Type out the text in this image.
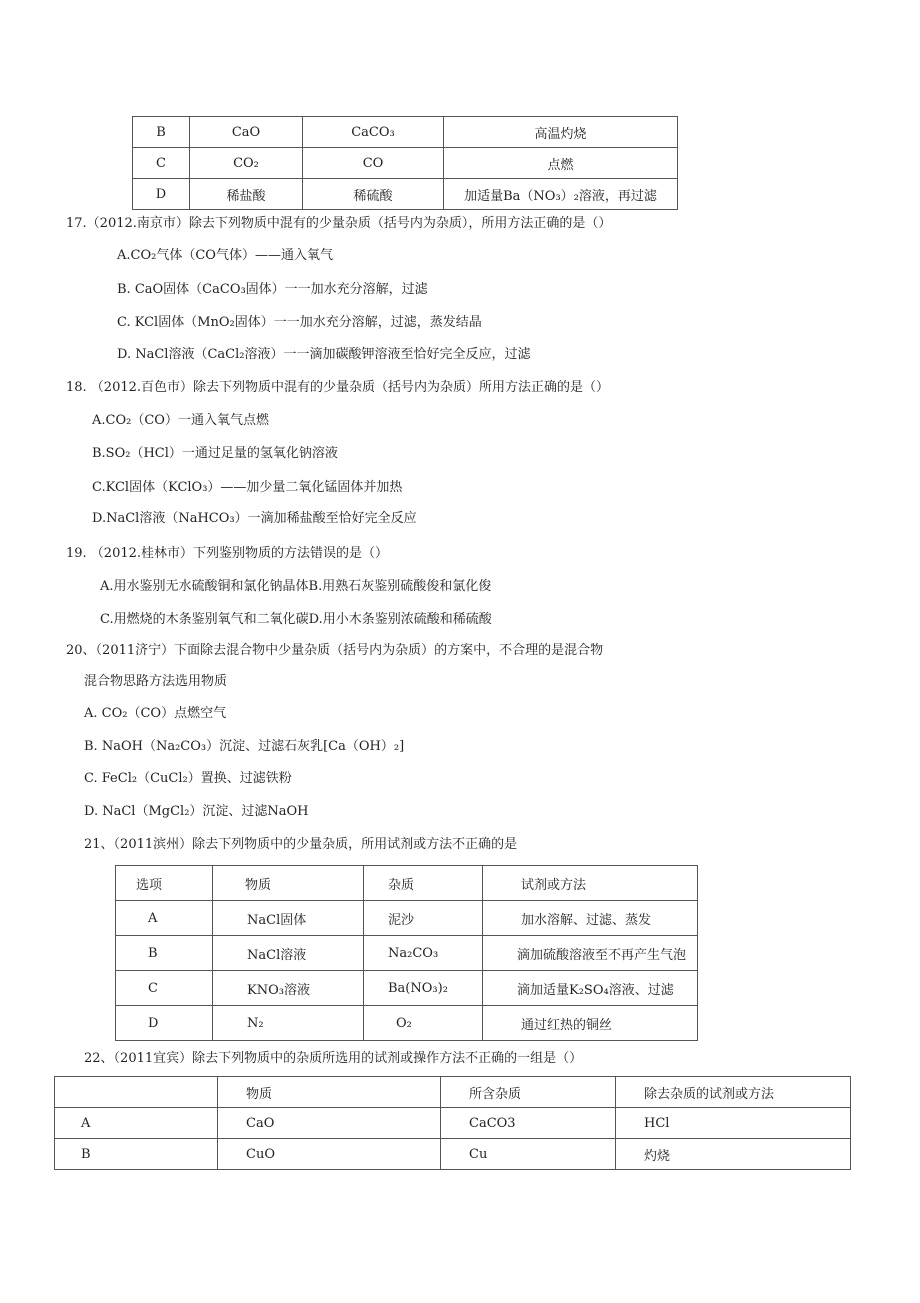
B	CaO	CaCO₃	高温灼烧
C	CO₂	CO	点燃
D	稀盐酸	稀硫酸	加适量Ba（NO₃）₂溶液，再过滤
17.（2012.南京市）除去下列物质中混有的少量杂质（括号内为杂质），所用方法正确的是（）
A.CO₂气体（CO气体）——通入氧气
B. CaO固体（CaCO₃固体）一一加水充分溶解，过滤
C. KCl固体（MnO₂固体）一一加水充分溶解，过滤，蒸发结晶
D. NaCl溶液（CaCl₂溶液）一一滴加碳酸钾溶液至恰好完全反应，过滤
18. （2012.百色市）除去下列物质中混有的少量杂质（括号内为杂质）所用方法正确的是（）
A.CO₂（CO）一通入氧气点燃
B.SO₂（HCl）一通过足量的氢氧化钠溶液
C.KCl固体（KClO₃）——加少量二氧化锰固体并加热
D.NaCl溶液（NaHCO₃）一滴加稀盐酸至恰好完全反应
19. （2012.桂林市）下列鉴别物质的方法错误的是（）
A.用水鉴别无水硫酸铜和氯化钠晶体B.用熟石灰鉴别硫酸俊和氯化俊
C.用燃烧的木条鉴别氧气和二氧化碳D.用小木条鉴别浓硫酸和稀硫酸
20、（2011济宁）下面除去混合物中少量杂质（括号内为杂质）的方案中，不合理的是混合物
混合物思路方法选用物质
A. CO₂（CO）点燃空气
B. NaOH（Na₂CO₃）沉淀、过滤石灰乳[Ca（OH）₂]
C. FeCl₂（CuCl₂）置换、过滤铁粉
D. NaCl（MgCl₂）沉淀、过滤NaOH
21、（2011滨州）除去下列物质中的少量杂质，所用试剂或方法不正确的是
选项	物质	杂质	试剂或方法
A	NaCl固体	泥沙	加水溶解、过滤、蒸发
B	NaCl溶液	Na₂CO₃	滴加硫酸溶液至不再产生气泡
C	KNO₃溶液	Ba(NO₃)₂	滴加适量K₂SO₄溶液、过滤
D	N₂	O₂	通过红热的铜丝
22、（2011宜宾）除去下列物质中的杂质所选用的试剂或操作方法不正确的一组是（）
	物质	所含杂质	除去杂质的试剂或方法
A	CaO	CaCO3	HCl
B	CuO	Cu	灼烧
